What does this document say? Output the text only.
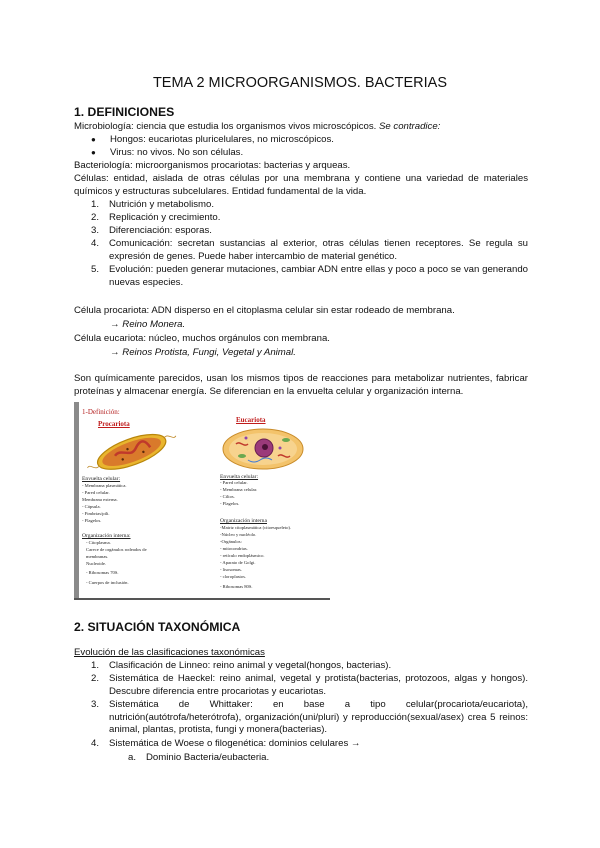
TEMA 2 MICROORGANISMOS. BACTERIAS
1. DEFINICIONES

Microbiología: ciencia que estudia los organismos vivos microscópicos. Se contradice:

● Hongos: eucariotas pluricelulares, no microscópicos.
● Virus: no vivos. No son células.

Bacteriología: microorganismos procariotas: bacterias y arqueas.

Células: entidad, aislada de otras células por una membrana y contiene una variedad de materiales químicos y estructuras subcelulares. Entidad fundamental de la vida.

1. Nutrición y metabolismo.
2. Replicación y crecimiento.
3. Diferenciación: esporas.
4. Comunicación: secretan sustancias al exterior, otras células tienen receptores. Se regula su expresión de genes. Puede haber intercambio de material genético.
5. Evolución: pueden generar mutaciones, cambiar ADN entre ellas y poco a poco se van generando nuevas especies.

Célula procariota: ADN disperso en el citoplasma celular sin estar rodeado de membrana.

→ Reino Monera.

Célula eucariota: núcleo, muchos orgánulos con membrana.

→ Reinos Protista, Fungi, Vegetal y Animal.

Son químicamente parecidos, usan los mismos tipos de reacciones para metabolizar nutrientes, fabricar proteínas y almacenar energía. Se diferencian en la envuelta celular y organización interna.

1-Definición:
Procariota
Envuelta celular:
- Membrana plasmática.
- Pared celular.
Membrana externa.
- Cápsula.
- Fimbrias/pili.
- Flagelos.
Organización interna:
- Citoplasma.
Carece de orgánulos rodeados de
membranas.
Nucleoide.
- Ribosomas 70S.
- Cuerpos de inclusión.
Eucariota
Envuelta celular:
- Pared celular.
- Membrana celular.
- Cilios.
- Flagelos.
Organización interna
-Matriz citoplasmática (citoesqueleto).
-Núcleo y nucléolo.
-Orgánulos:
- mitocondrias.
- retículo endoplásmico.
- Aparato de Golgi.
- lisosomas.
- cloroplastos.
- Ribosomas 80S.
2. SITUACIÓN TAXONÓMICA

Evolución de las clasificaciones taxonómicas

1. Clasificación de Linneo: reino animal y vegetal(hongos, bacterias).
2. Sistemática de Haeckel: reino animal, vegetal y protista(bacterias, protozoos, algas y hongos). Descubre diferencia entre procariotas y eucariotas.
3. Sistemática de Whittaker: en base a tipo celular(procariota/eucariota), nutrición(autótrofa/heterótrofa), organización(uni/pluri) y reproducción(sexual/asex) crea 5 reinos: animal, plantas, protista, fungi y monera(bacterias).
4. Sistemática de Woese o filogenética: dominios celulares →
a. Dominio Bacteria/eubacteria.
